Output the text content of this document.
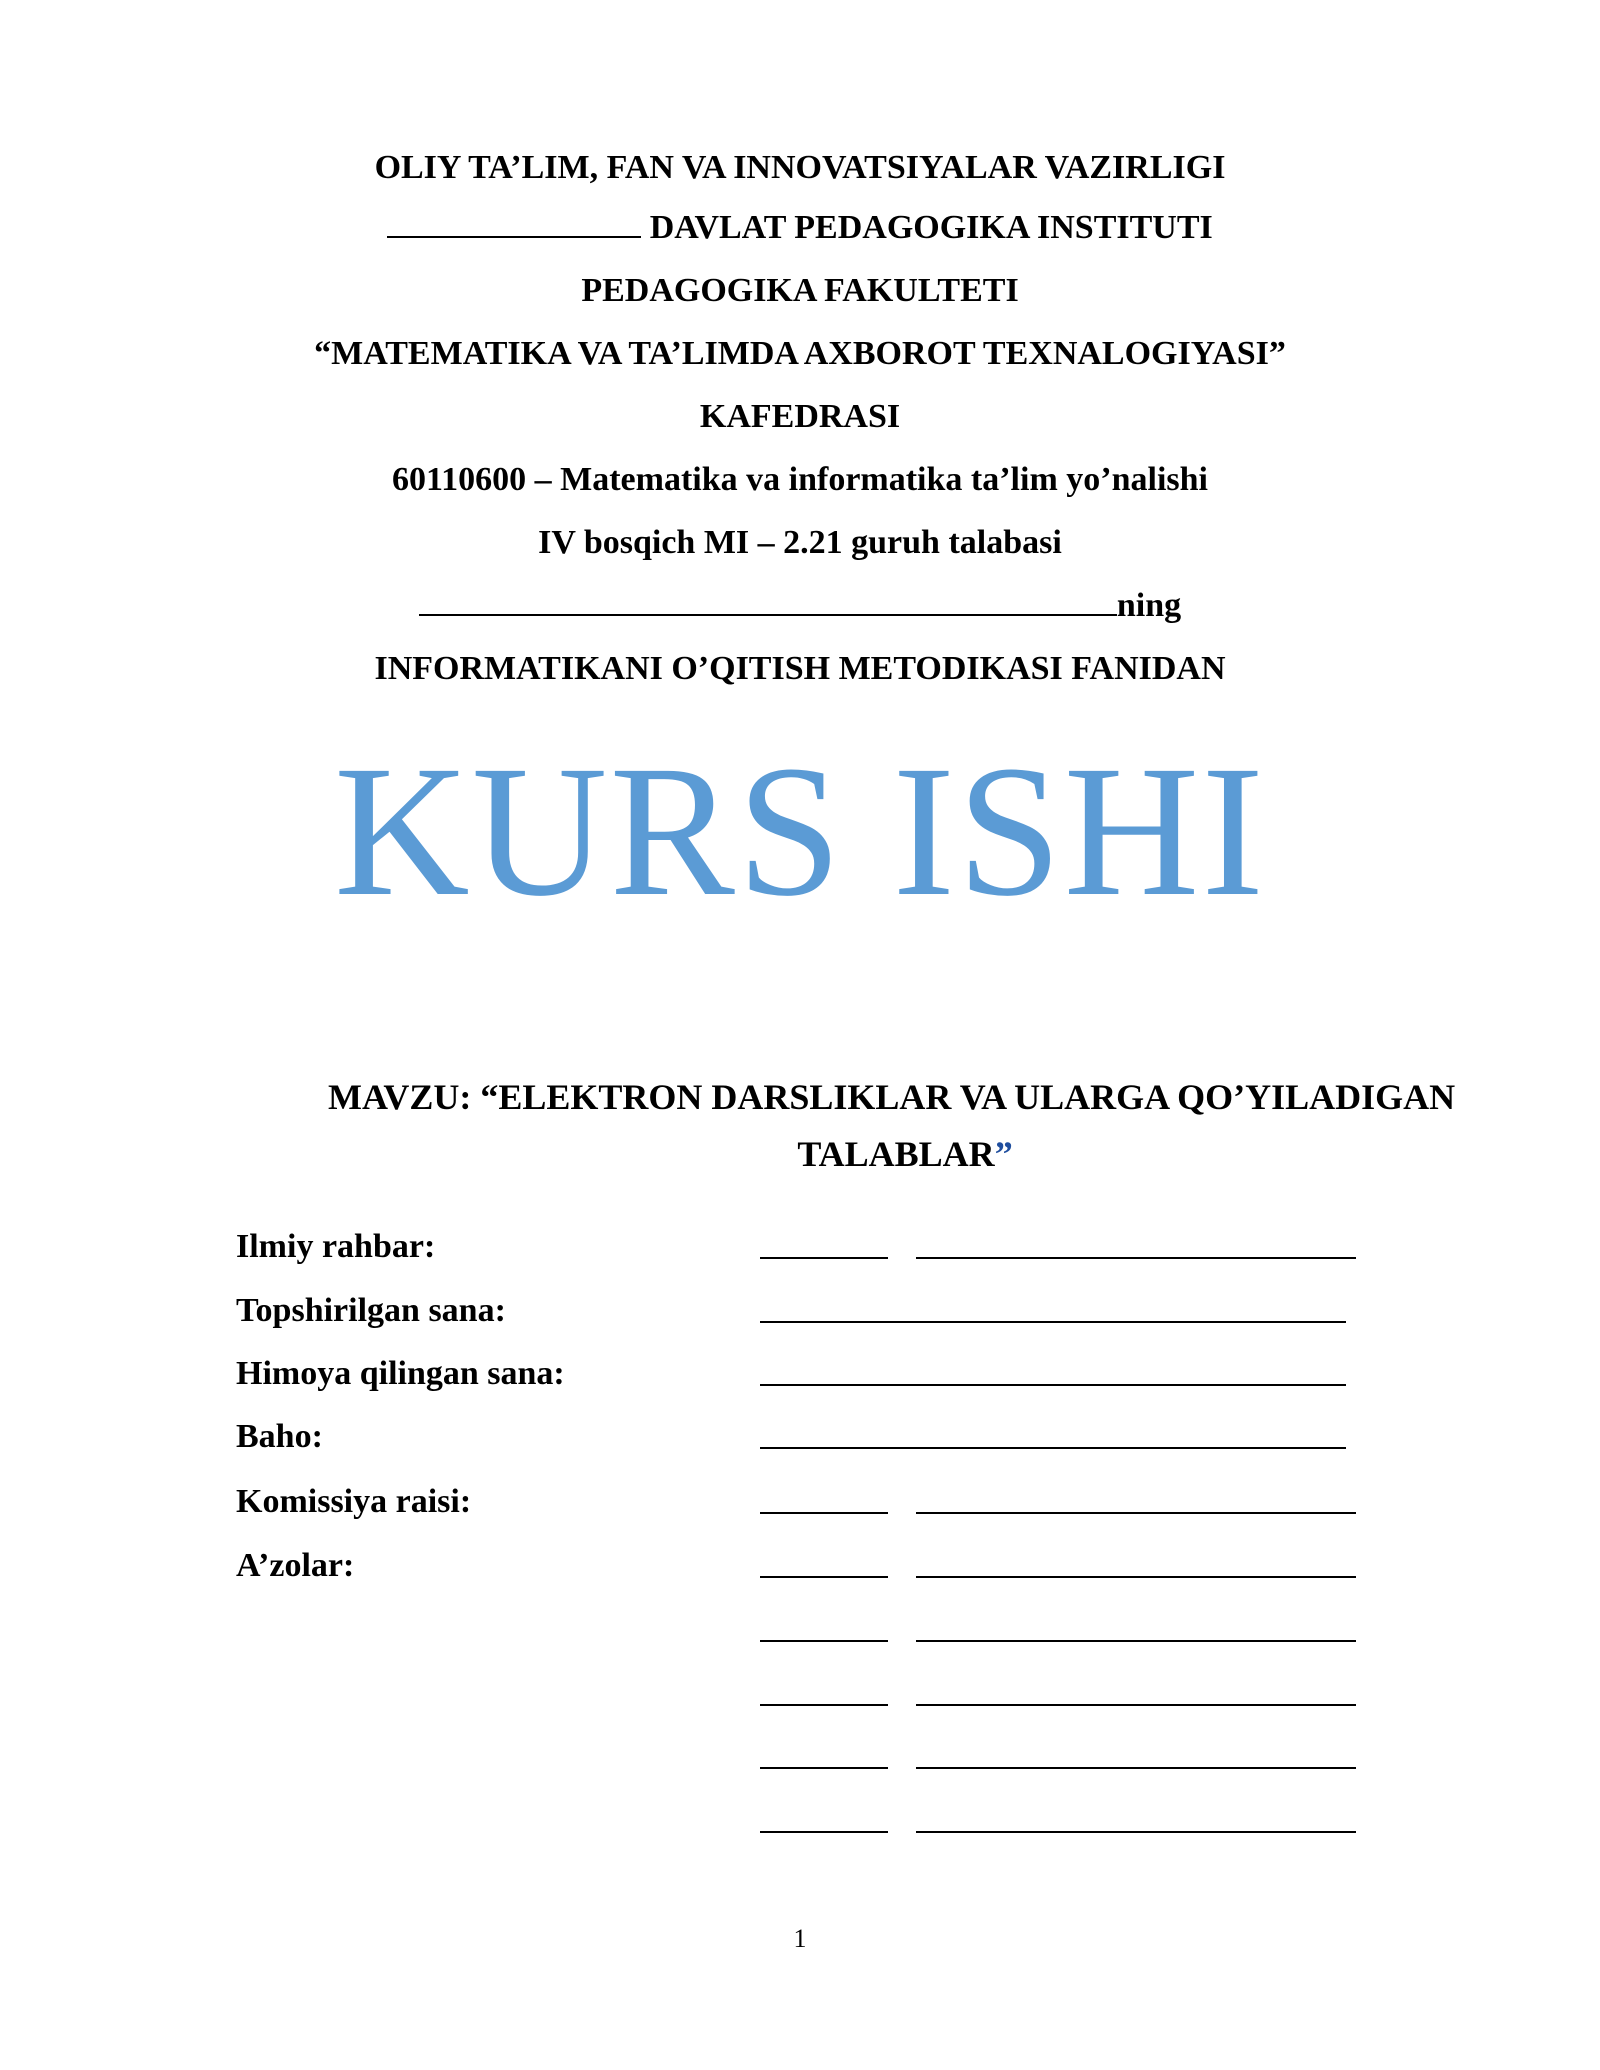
OLIY TA’LIM, FAN VA INNOVATSIYALAR VAZIRLIGI
DAVLAT PEDAGOGIKA INSTITUTI
PEDAGOGIKA FAKULTETI
“MATEMATIKA VA TA’LIMDA AXBOROT TEXNALOGIYASI”
KAFEDRASI
60110600 – Matematika va informatika ta’lim yo’nalishi
IV bosqich MI – 2.21 guruh talabasi
ning
INFORMATIKANI O’QITISH METODIKASI FANIDAN
KURS ISHI
MAVZU: “ELEKTRON DARSLIKLAR VA ULARGA QO’YILADIGAN
TALABLAR”
Ilmiy rahbar:
Topshirilgan sana:
Himoya qilingan sana:
Baho:
Komissiya raisi:
A’zolar:
1
